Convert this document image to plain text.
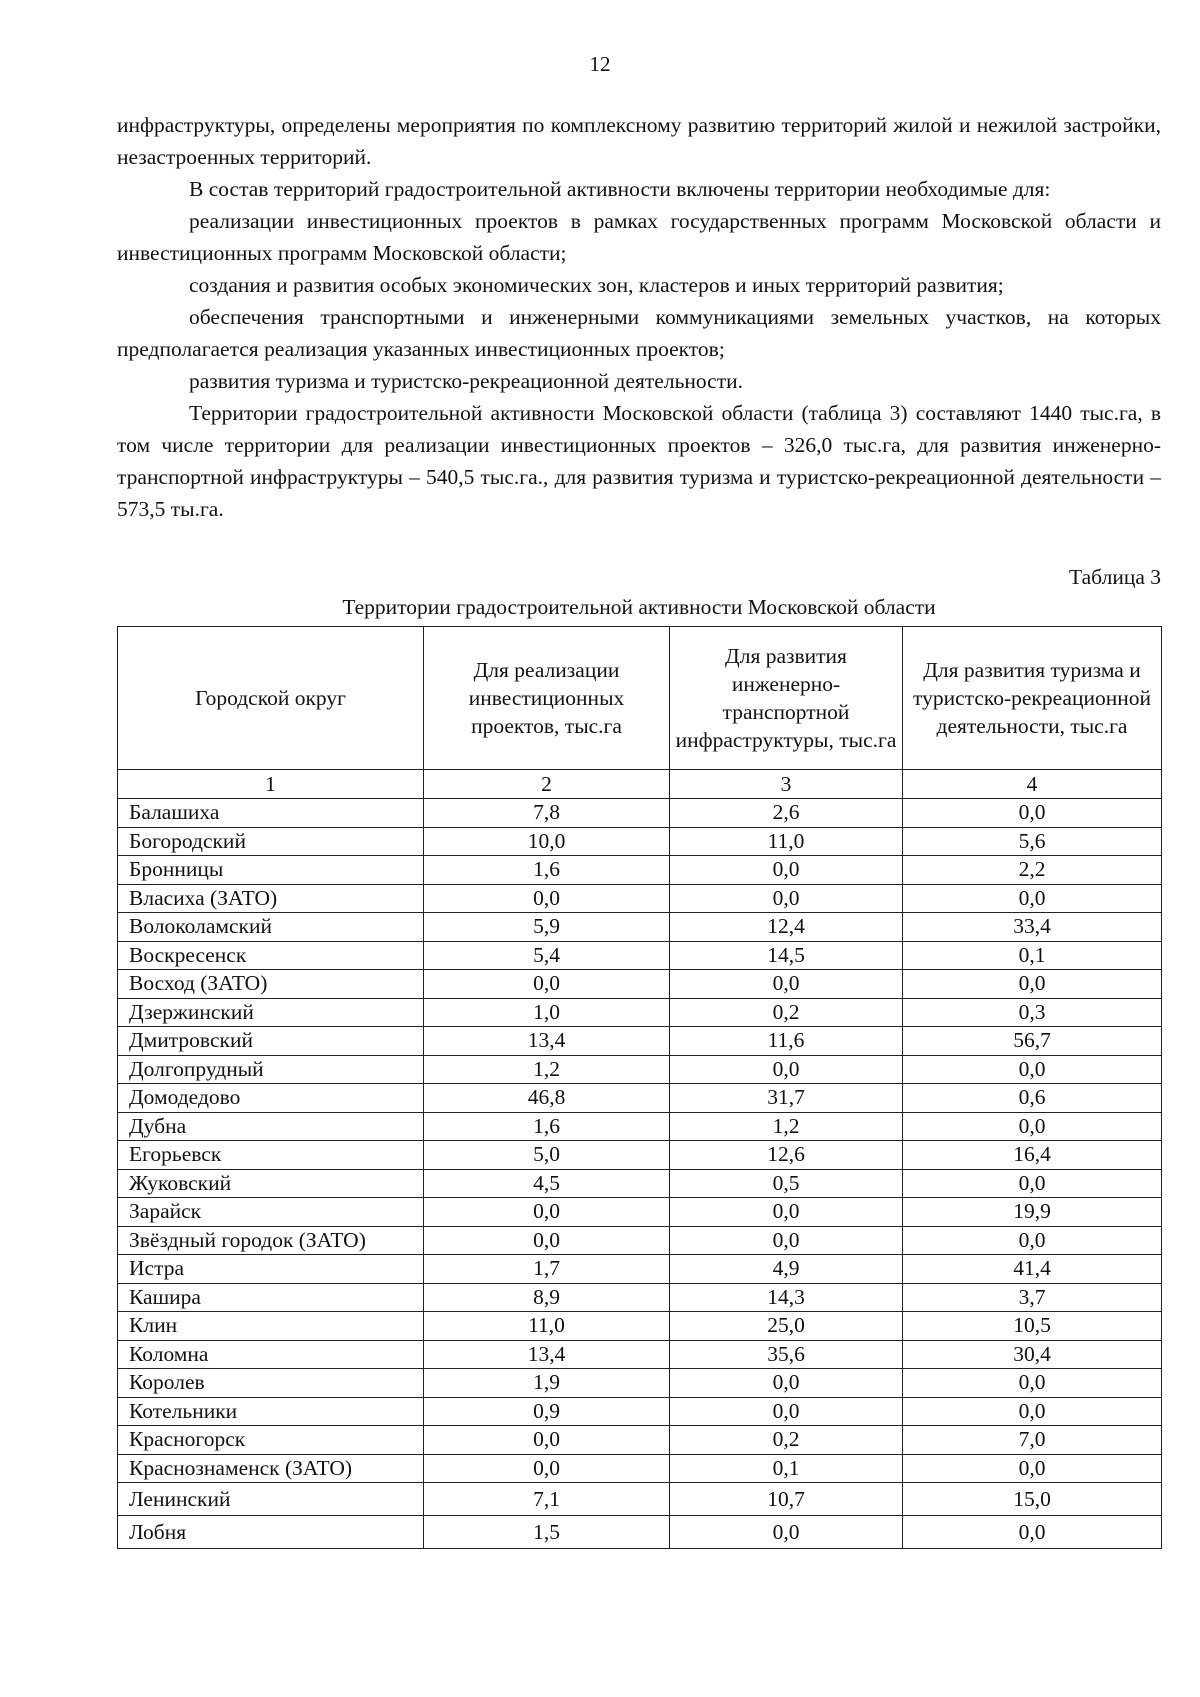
12

инфраструктуры, определены мероприятия по комплексному развитию территорий жилой и нежилой застройки, незастроенных территорий.

В состав территорий градостроительной активности включены территории необходимые для:

реализации инвестиционных проектов в рамках государственных программ Московской области и инвестиционных программ Московской области;

создания и развития особых экономических зон, кластеров и иных территорий развития;

обеспечения транспортными и инженерными коммуникациями земельных участков, на которых предполагается реализация указанных инвестиционных проектов;

развития туризма и туристско-рекреационной деятельности.

Территории градостроительной активности Московской области (таблица 3) составляют 1440 тыс.га, в том числе территории для реализации инвестиционных проектов – 326,0 тыс.га, для развития инженерно-транспортной инфраструктуры – 540,5 тыс.га., для развития туризма и туристско-рекреационной деятельности – 573,5 ты.га.

Таблица 3
Территории градостроительной активности Московской области
Городской округ	Для реализации инвестиционных проектов, тыс.га	Для развития инженерно-транспортной инфраструктуры, тыс.га	Для развития туризма и туристско-рекреационной деятельности, тыс.га
1	2	3	4
Балашиха	7,8	2,6	0,0
Богородский	10,0	11,0	5,6
Бронницы	1,6	0,0	2,2
Власиха (ЗАТО)	0,0	0,0	0,0
Волоколамский	5,9	12,4	33,4
Воскресенск	5,4	14,5	0,1
Восход (ЗАТО)	0,0	0,0	0,0
Дзержинский	1,0	0,2	0,3
Дмитровский	13,4	11,6	56,7
Долгопрудный	1,2	0,0	0,0
Домодедово	46,8	31,7	0,6
Дубна	1,6	1,2	0,0
Егорьевск	5,0	12,6	16,4
Жуковский	4,5	0,5	0,0
Зарайск	0,0	0,0	19,9
Звёздный городок (ЗАТО)	0,0	0,0	0,0
Истра	1,7	4,9	41,4
Кашира	8,9	14,3	3,7
Клин	11,0	25,0	10,5
Коломна	13,4	35,6	30,4
Королев	1,9	0,0	0,0
Котельники	0,9	0,0	0,0
Красногорск	0,0	0,2	7,0
Краснознаменск (ЗАТО)	0,0	0,1	0,0
Ленинский	7,1	10,7	15,0
Лобня	1,5	0,0	0,0
